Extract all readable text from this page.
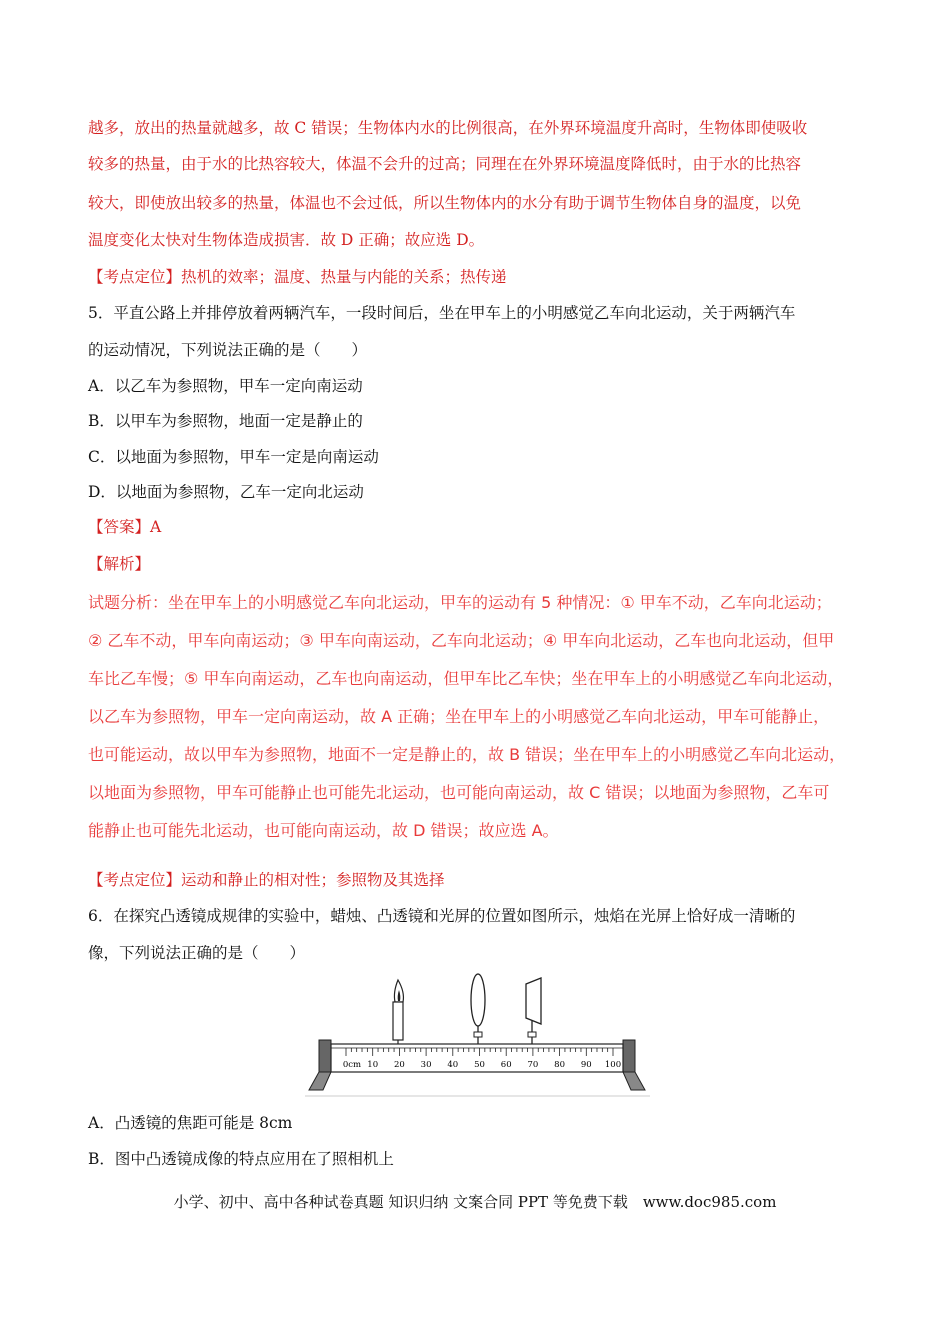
越多，放出的热量就越多，故 C 错误；生物体内水的比例很高，在外界环境温度升高时，生物体即使吸收
较多的热量，由于水的比热容较大，体温不会升的过高；同理在在外界环境温度降低时，由于水的比热容
较大，即使放出较多的热量，体温也不会过低，所以生物体内的水分有助于调节生物体自身的温度，以免
温度变化太快对生物体造成损害．故 D 正确；故应选 D。
【考点定位】热机的效率；温度、热量与内能的关系；热传递
5．平直公路上并排停放着两辆汽车，一段时间后，坐在甲车上的小明感觉乙车向北运动，关于两辆汽车
的运动情况，下列说法正确的是（　　）
A．以乙车为参照物，甲车一定向南运动
B．以甲车为参照物，地面一定是静止的
C．以地面为参照物，甲车一定是向南运动
D．以地面为参照物，乙车一定向北运动
【答案】A
【解析】
试题分析：坐在甲车上的小明感觉乙车向北运动，甲车的运动有 5 种情况：① 甲车不动，乙车向北运动；
② 乙车不动，甲车向南运动；③ 甲车向南运动，乙车向北运动；④ 甲车向北运动，乙车也向北运动，但甲
车比乙车慢；⑤ 甲车向南运动，乙车也向南运动，但甲车比乙车快；坐在甲车上的小明感觉乙车向北运动，
以乙车为参照物，甲车一定向南运动，故 A 正确；坐在甲车上的小明感觉乙车向北运动，甲车可能静止，
也可能运动，故以甲车为参照物，地面不一定是静止的，故 B 错误；坐在甲车上的小明感觉乙车向北运动，
以地面为参照物，甲车可能静止也可能先北运动，也可能向南运动，故 C 错误；以地面为参照物，乙车可
能静止也可能先北运动，也可能向南运动，故 D 错误；故应选 A。
【考点定位】运动和静止的相对性；参照物及其选择
6．在探究凸透镜成规律的实验中，蜡烛、凸透镜和光屏的位置如图所示，烛焰在光屏上恰好成一清晰的
像，下列说法正确的是（　　）
0cm 10 20 30 40 50 60 70 80 90 100
A．凸透镜的焦距可能是 8cm
B．图中凸透镜成像的特点应用在了照相机上
小学、初中、高中各种试卷真题 知识归纳 文案合同 PPT 等免费下载　www.doc985.com
